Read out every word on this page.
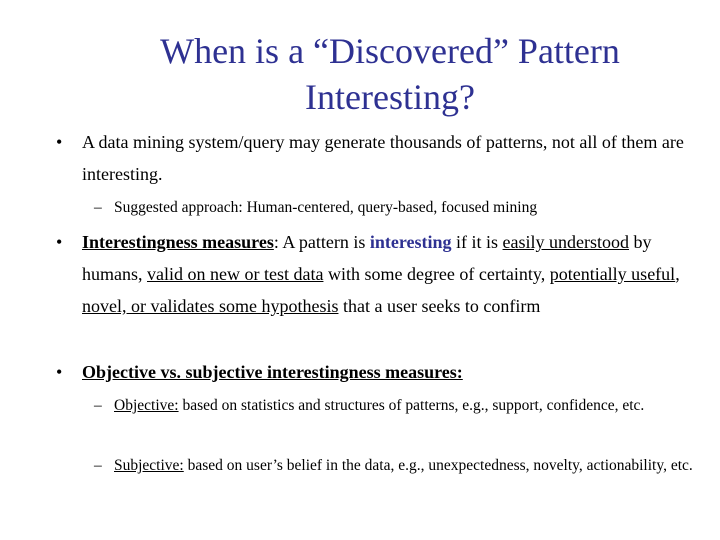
When is a “Discovered” Pattern
Interesting?
• A data mining system/query may generate thousands of patterns, not all of them are interesting.
– Suggested approach: Human-centered, query-based, focused mining
• Interestingness measures: A pattern is interesting if it is easily understood by humans, valid on new or test data with some degree of certainty, potentially useful, novel, or validates some hypothesis that a user seeks to confirm
• Objective vs. subjective interestingness measures:
– Objective: based on statistics and structures of patterns, e.g., support, confidence, etc.
– Subjective: based on user’s belief in the data, e.g., unexpectedness, novelty, actionability, etc.
